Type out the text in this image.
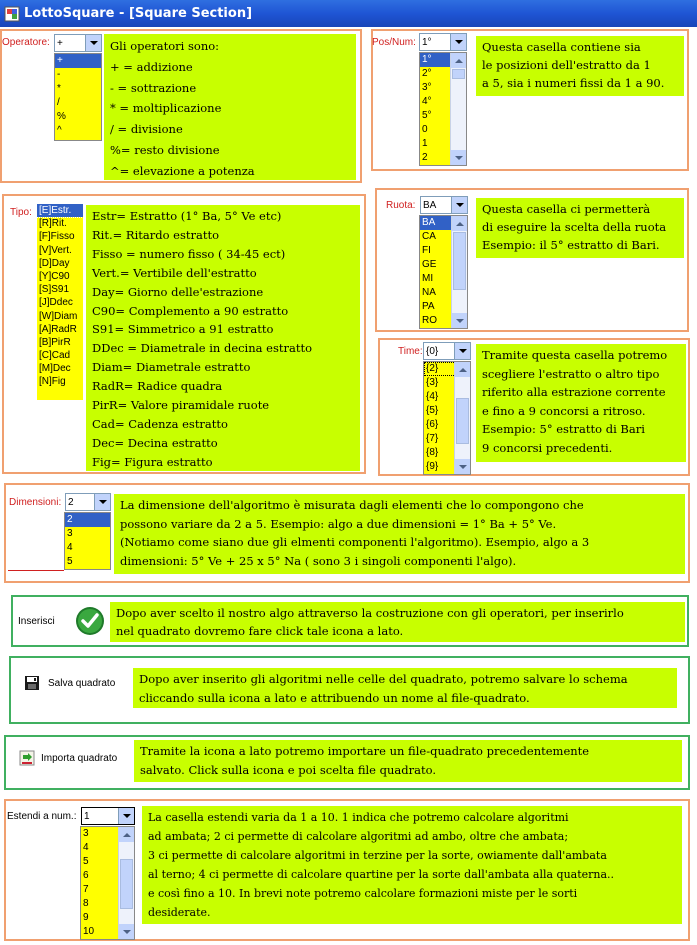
LottoSquare - [Square Section]
Operatore: +
+
-
*
/
%
^
Gli operatori sono:
+ = addizione
- = sottrazione
* = moltiplicazione
/ = divisione
%= resto divisione
^= elevazione a potenza
Pos/Num: 1°
1°
2°
3°
4°
5°
0
1
2
Questa casella contiene sia
le posizioni dell'estratto da 1
a 5, sia i numeri fissi da 1 a 90.
Tipo: [E]Estr.
[R]Rit.
[F]Fisso
[V]Vert.
[D]Day
[Y]C90
[S]S91
[J]Ddec
[W]Diam
[A]RadR
[B]PirR
[C]Cad
[M]Dec
[N]Fig
Estr= Estratto (1° Ba, 5° Ve etc)
Rit.= Ritardo estratto
Fisso = numero fisso ( 34-45 ect)
Vert.= Vertibile dell'estratto
Day= Giorno delle'estrazione
C90= Complemento a 90 estratto
S91= Simmetrico a 91 estratto
DDec = Diametrale in decina estratto
Diam= Diametrale estratto
RadR= Radice quadra
PirR= Valore piramidale ruote
Cad= Cadenza estratto
Dec= Decina estratto
Fig= Figura estratto
Ruota: BA
BA
CA
FI
GE
MI
NA
PA
RO
Questa casella ci permetterà
di eseguire la scelta della ruota
Esempio: il 5° estratto di Bari.
Time: {0}
{2}
{3}
{4}
{5}
{6}
{7}
{8}
{9}
Tramite questa casella potremo
scegliere l'estratto o altro tipo
riferito alla estrazione corrente
e fino a 9 concorsi a ritroso.
Esempio: 5° estratto di Bari
9 concorsi precedenti.
Dimensioni: 2
2
3
4
5
La dimensione dell'algoritmo è misurata dagli elementi che lo compongono che
possono variare da 2 a 5. Esempio: algo a due dimensioni = 1° Ba + 5° Ve.
(Notiamo come siano due gli elmenti componenti l'algoritmo). Esempio, algo a 3
dimensioni: 5° Ve + 25 x 5° Na ( sono 3 i singoli componenti l'algo).
Inserisci
Dopo aver scelto il nostro algo attraverso la costruzione con gli operatori, per inserirlo
nel quadrato dovremo fare click tale icona a lato.
Salva quadrato Dopo aver inserito gli algoritmi nelle celle del quadrato, potremo salvare lo schema
cliccando sulla icona a lato e attribuendo un nome al file-quadrato.
Importa quadrato Tramite la icona a lato potremo importare un file-quadrato precedentemente
salvato. Click sulla icona e poi scelta file quadrato.
Estendi a num.: 1
3
4
5
6
7
8
9
10
La casella estendi varia da 1 a 10. 1 indica che potremo calcolare algoritmi
ad ambata; 2 ci permette di calcolare algoritmi ad ambo, oltre che ambata;
3 ci permette di calcolare algoritmi in terzine per la sorte, owiamente dall'ambata
al terno; 4 ci permette di calcolare quartine per la sorte dall'ambata alla quaterna..
e così fino a 10. In brevi note potremo calcolare formazioni miste per le sorti
desiderate.
